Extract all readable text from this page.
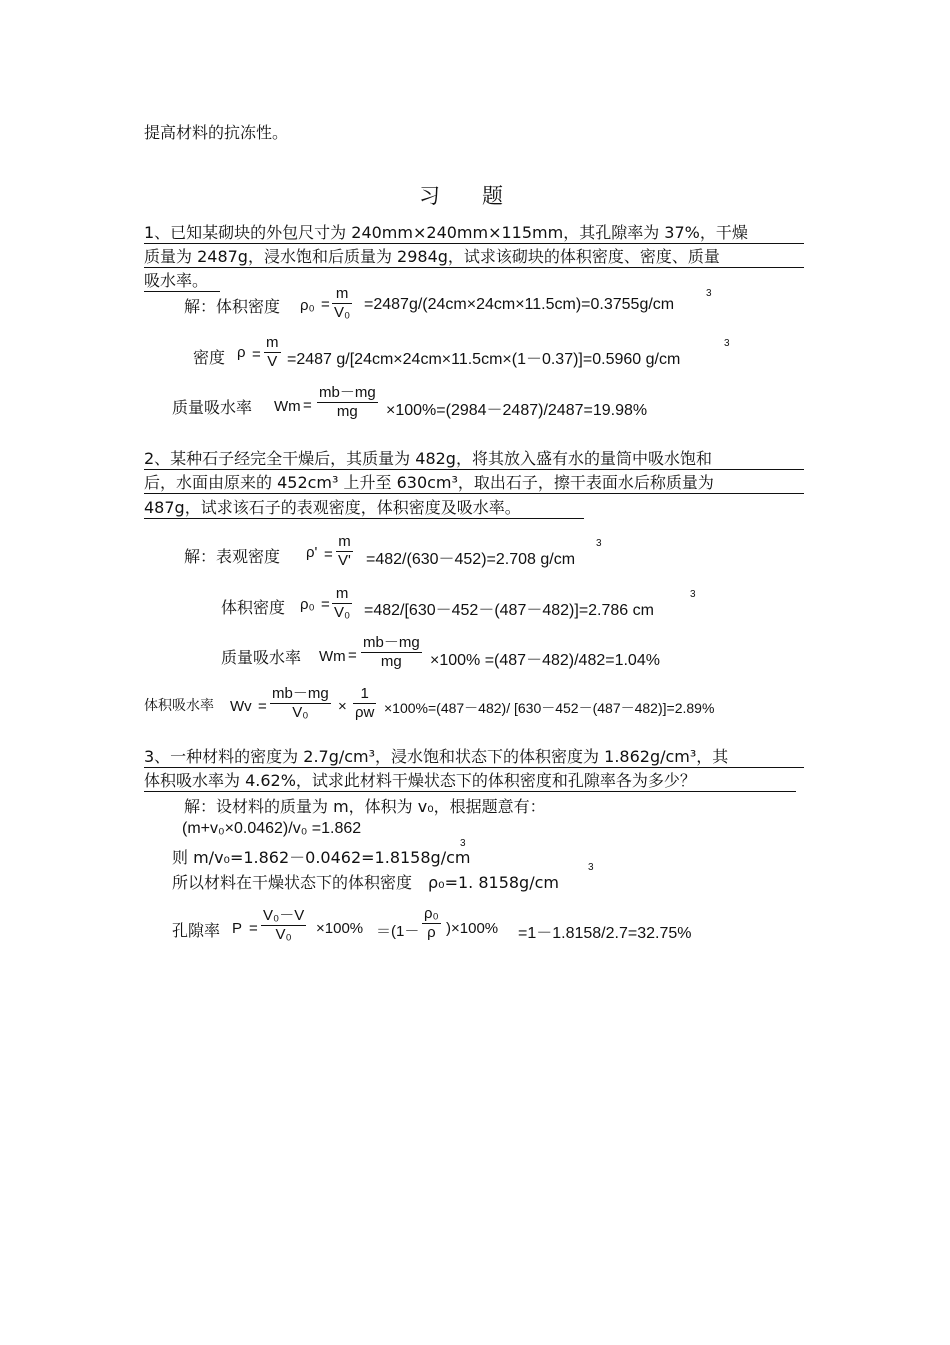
提高材料的抗冻性。
习题
1、已知某砌块的外包尺寸为 240mm×240mm×115mm，其孔隙率为 37%，干燥
质量为 2487g，浸水饱和后质量为 2984g，试求该砌块的体积密度、密度、质量
吸水率。
解：体积密度 ρ₀ =
m
V₀ =2487g/(24cm×24cm×11.5cm)=0.3755g/cm
3
密度 ρ =
m
V =2487 g/[24cm×24cm×11.5cm×(1－0.37)]=0.5960 g/cm
3
质量吸水率 Wm =
mb－mg
mg ×100%=(2984－2487)/2487=19.98%
2、某种石子经完全干燥后，其质量为 482g，将其放入盛有水的量筒中吸水饱和
后，水面由原来的 452cm³ 上升至 630cm³，取出石子，擦干表面水后称质量为
487g，试求该石子的表观密度，体积密度及吸水率。
解：表观密度 ρ' =
m
V' =482/(630－452)=2.708 g/cm
3
体积密度 ρ₀ =
m
V₀ =482/[630－452－(487－482)]=2.786 cm
3
质量吸水率 Wm =
mb－mg
mg ×100% =(487－482)/482=1.04%
体积吸水率 Wv =
mb－mg
V₀ ×
1
ρw ×100%=(487－482)/ [630－452－(487－482)]=2.89%
3、一种材料的密度为 2.7g/cm³，浸水饱和状态下的体积密度为 1.862g/cm³，其
体积吸水率为 4.62%，试求此材料干燥状态下的体积密度和孔隙率各为多少？
解：设材料的质量为 m，体积为 v₀，根据题意有：
(m+v₀×0.0462)/v₀ =1.862
则 m/v₀=1.862－0.0462=1.8158g/cm
3
所以材料在干燥状态下的体积密度　ρ₀=1. 8158g/cm
3
孔隙率 P =
V₀－V
V₀ ×100% ＝(1－
ρ₀
ρ )×100% =1－1.8158/2.7=32.75%
